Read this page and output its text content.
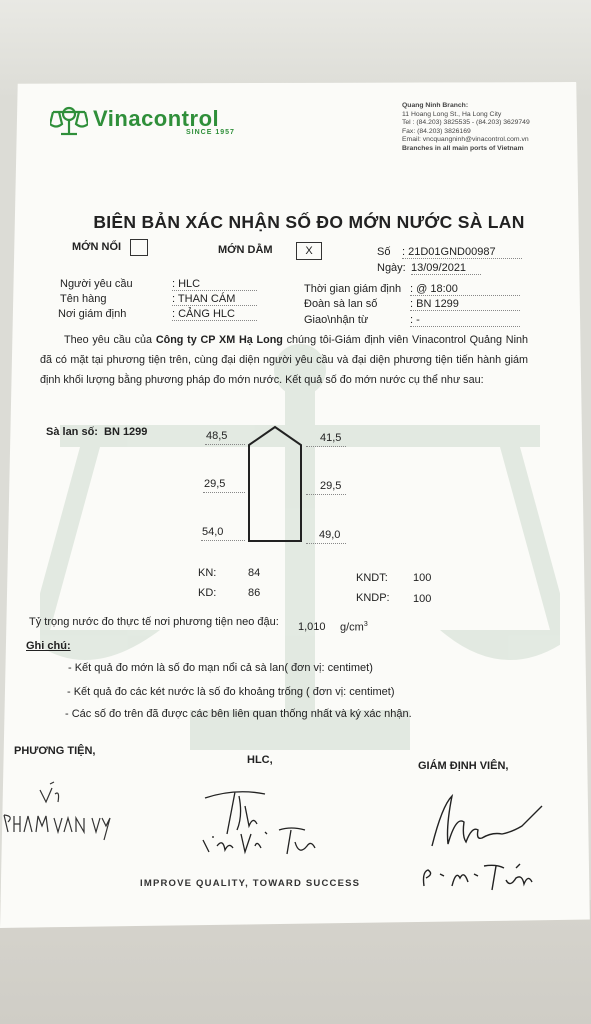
Vinacontrol
SINCE 1957
Quang Ninh Branch:
11 Hoang Long St., Ha Long City
Tel : (84.203) 3825535 - (84.203) 3629749
Fax: (84.203) 3826169
Email: vncquangninh@vinacontrol.com.vn
Branches in all main ports of Vietnam
BIÊN BẢN XÁC NHẬN SỐ ĐO MỚN NƯỚC SÀ LAN
MỚN NỔI	MỚN DẰM	X	Số : 21D01GND00987
Ngày: 13/09/2021
Người yêu cầu	: HLC
Tên hàng	: THAN CÁM
Nơi giám định	: CẢNG HLC
Thời gian giám định : @ 18:00
Đoàn sà lan số	: BN 1299
Giao\nhận từ	: -
Theo yêu cầu của Công ty CP XM Hạ Long chúng tôi-Giám định viên Vinacontrol Quảng Ninh đã có mặt tại phương tiện trên, cùng đại diện người yêu cầu và đại diện phương tiện tiến hành giám định khối lượng bằng phương pháp đo mớn nước. Kết quả số đo mớn nước cụ thể như sau:
Sà lan số: BN 1299	48,5	41,5
29,5	29,5
54,0	49,0
KN:	84
KD:	86
KNDT: 100
KNDP: 100
Tỷ trọng nước đo thực tế nơi phương tiện neo đậu: 1,010 $g/cm^3$
Ghi chú:
- Kết quả đo mớn là số đo mạn nổi cả sà lan( đơn vị: centimet)
- Kết quả đo các két nước là số đo khoảng trống ( đơn vị: centimet)
- Các số đo trên đã được các bên liên quan thống nhất và ký xác nhận.
PHƯƠNG TIỆN,
HLC,	GIÁM ĐỊNH VIÊN,
IMPROVE QUALITY, TOWARD SUCCESS
